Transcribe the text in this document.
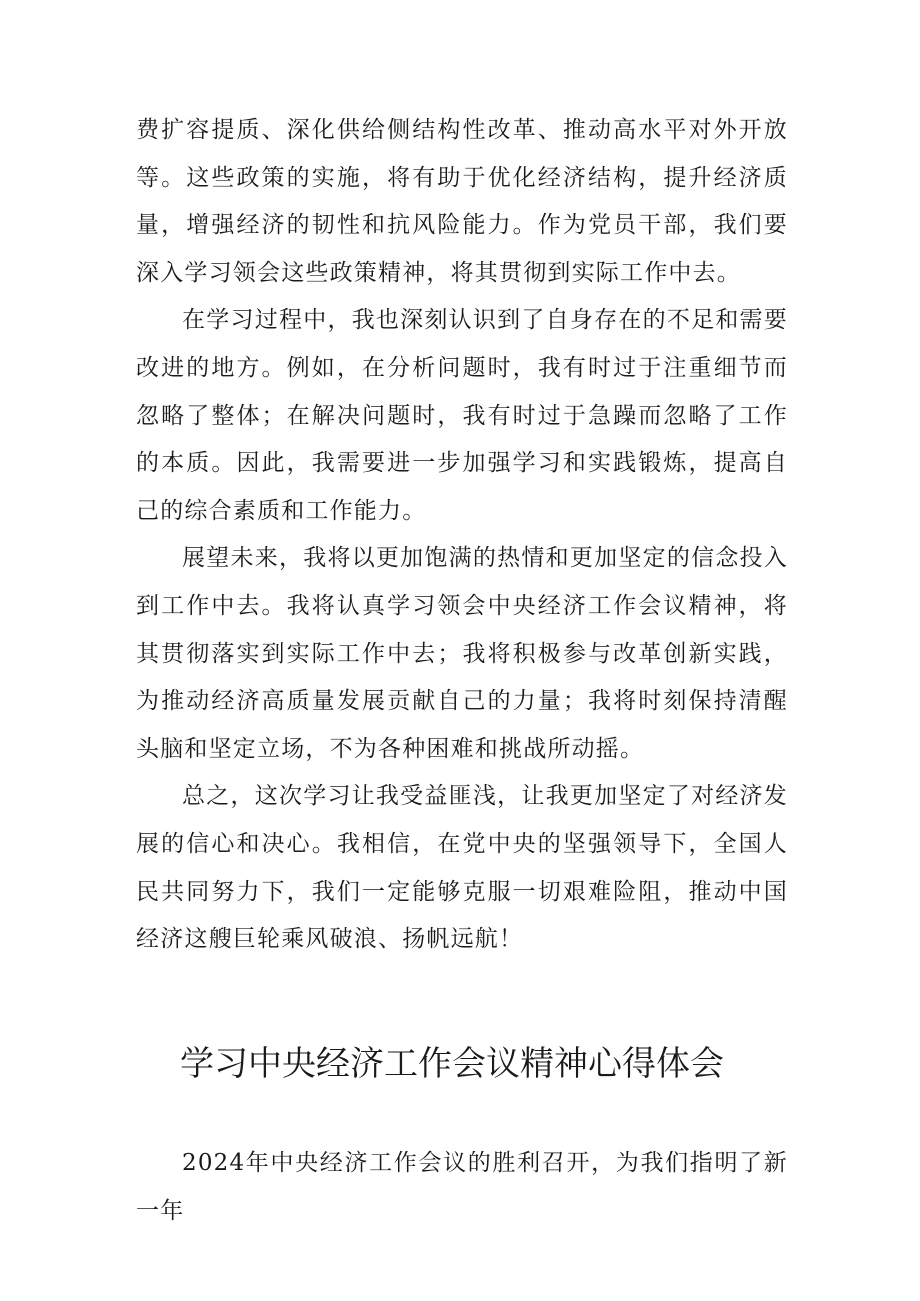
费扩容提质、深化供给侧结构性改革、推动高水平对外开放等。这些政策的实施，将有助于优化经济结构，提升经济质量，增强经济的韧性和抗风险能力。作为党员干部，我们要深入学习领会这些政策精神，将其贯彻到实际工作中去。

在学习过程中，我也深刻认识到了自身存在的不足和需要改进的地方。例如，在分析问题时，我有时过于注重细节而忽略了整体；在解决问题时，我有时过于急躁而忽略了工作的本质。因此，我需要进一步加强学习和实践锻炼，提高自己的综合素质和工作能力。

展望未来，我将以更加饱满的热情和更加坚定的信念投入到工作中去。我将认真学习领会中央经济工作会议精神，将其贯彻落实到实际工作中去；我将积极参与改革创新实践，为推动经济高质量发展贡献自己的力量；我将时刻保持清醒头脑和坚定立场，不为各种困难和挑战所动摇。

总之，这次学习让我受益匪浅，让我更加坚定了对经济发展的信心和决心。我相信，在党中央的坚强领导下，全国人民共同努力下，我们一定能够克服一切艰难险阻，推动中国经济这艘巨轮乘风破浪、扬帆远航！

学习中央经济工作会议精神心得体会

2024年中央经济工作会议的胜利召开，为我们指明了新一年
